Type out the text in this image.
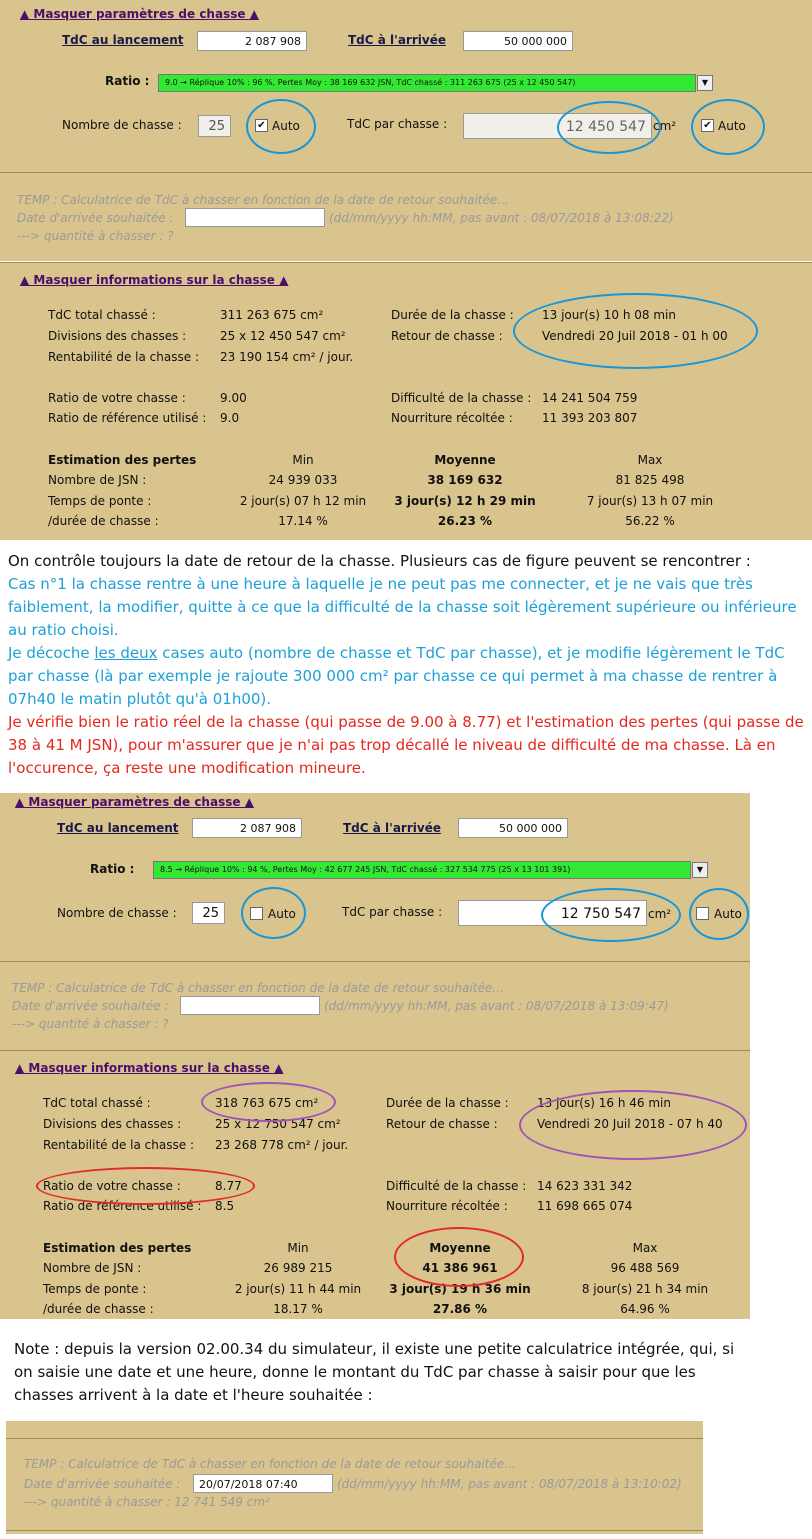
▲ Masquer paramètres de chasse ▲
TdC au lancement	2 087 908	TdC à l'arrivée	50 000 000
Ratio :	9.0 → Réplique 10% : 96 %, Pertes Moy : 38 169 632 JSN, TdC chassé : 311 263 675 (25 x 12 450 547)	▼
Nombre de chasse :	25	✔ Auto	TdC par chasse :	12 450 547 cm²	✔ Auto
TEMP : Calculatrice de TdC à chasser en fonction de la date de retour souhaitée...
Date d'arrivée souhaitée :	(dd/mm/yyyy hh:MM, pas avant : 08/07/2018 à 13:08:22)
---> quantité à chasser : ?
▲ Masquer informations sur la chasse ▲
TdC total chassé :	311 263 675 cm²
Divisions des chasses :	25 x 12 450 547 cm²
Rentabilité de la chasse : 23 190 154 cm² / jour.
Durée de la chasse : 13 jour(s) 10 h 08 min
Retour de chasse :	Vendredi 20 Juil 2018 - 01 h 00
Ratio de votre chasse :	9.00
Ratio de référence utilisé : 9.0
Difficulté de la chasse : 14 241 504 759
Nourriture récoltée : 11 393 203 807
Estimation des pertes	Min	Moyenne	Max
Nombre de JSN :	24 939 033	38 169 632	81 825 498
Temps de ponte :	2 jour(s) 07 h 12 min	3 jour(s) 12 h 29 min	7 jour(s) 13 h 07 min
/durée de chasse :	17.14 %	26.23 %	56.22 %
On contrôle toujours la date de retour de la chasse. Plusieurs cas de figure peuvent se rencontrer :
Cas n°1 la chasse rentre à une heure à laquelle je ne peut pas me connecter, et je ne vais que très
faiblement, la modifier, quitte à ce que la difficulté de la chasse soit légèrement supérieure ou inférieure
au ratio choisi.
Je décoche les deux cases auto (nombre de chasse et TdC par chasse), et je modifie légèrement le TdC
par chasse (là par exemple je rajoute 300 000 cm² par chasse ce qui permet à ma chasse de rentrer à
07h40 le matin plutôt qu'à 01h00).
Je vérifie bien le ratio réel de la chasse (qui passe de 9.00 à 8.77) et l'estimation des pertes (qui passe de
38 à 41 M JSN), pour m'assurer que je n'ai pas trop décallé le niveau de difficulté de ma chasse. Là en
l'occurence, ça reste une modification mineure.
▲ Masquer paramètres de chasse ▲
TdC au lancement	2 087 908	TdC à l'arrivée	50 000 000
Ratio :	8.5 → Réplique 10% : 94 %, Pertes Moy : 42 677 245 JSN, TdC chassé : 327 534 775 (25 x 13 101 391)	▼
Nombre de chasse :	25	Auto	TdC par chasse :	12 750 547 cm²	Auto
TEMP : Calculatrice de TdC à chasser en fonction de la date de retour souhaitée...
Date d'arrivée souhaitée :	(dd/mm/yyyy hh:MM, pas avant : 08/07/2018 à 13:09:47)
---> quantité à chasser : ?
▲ Masquer informations sur la chasse ▲
TdC total chassé :	318 763 675 cm²
Divisions des chasses :	25 x 12 750 547 cm²
Rentabilité de la chasse : 23 268 778 cm² / jour.
Durée de la chasse : 13 jour(s) 16 h 46 min
Retour de chasse :	Vendredi 20 Juil 2018 - 07 h 40
Ratio de votre chasse :	8.77
Ratio de référence utilisé : 8.5
Difficulté de la chasse : 14 623 331 342
Nourriture récoltée : 11 698 665 074
Estimation des pertes	Min	Moyenne	Max
Nombre de JSN :	26 989 215	41 386 961	96 488 569
Temps de ponte :	2 jour(s) 11 h 44 min	3 jour(s) 19 h 36 min	8 jour(s) 21 h 34 min
/durée de chasse :	18.17 %	27.86 %	64.96 %
Note : depuis la version 02.00.34 du simulateur, il existe une petite calculatrice intégrée, qui, si
on saisie une date et une heure, donne le montant du TdC par chasse à saisir pour que les
chasses arrivent à la date et l'heure souhaitée :
TEMP : Calculatrice de TdC à chasser en fonction de la date de retour souhaitée...
Date d'arrivée souhaitée :	20/07/2018 07:40	(dd/mm/yyyy hh:MM, pas avant : 08/07/2018 à 13:10:02)
---> quantité à chasser : 12 741 549 cm²
